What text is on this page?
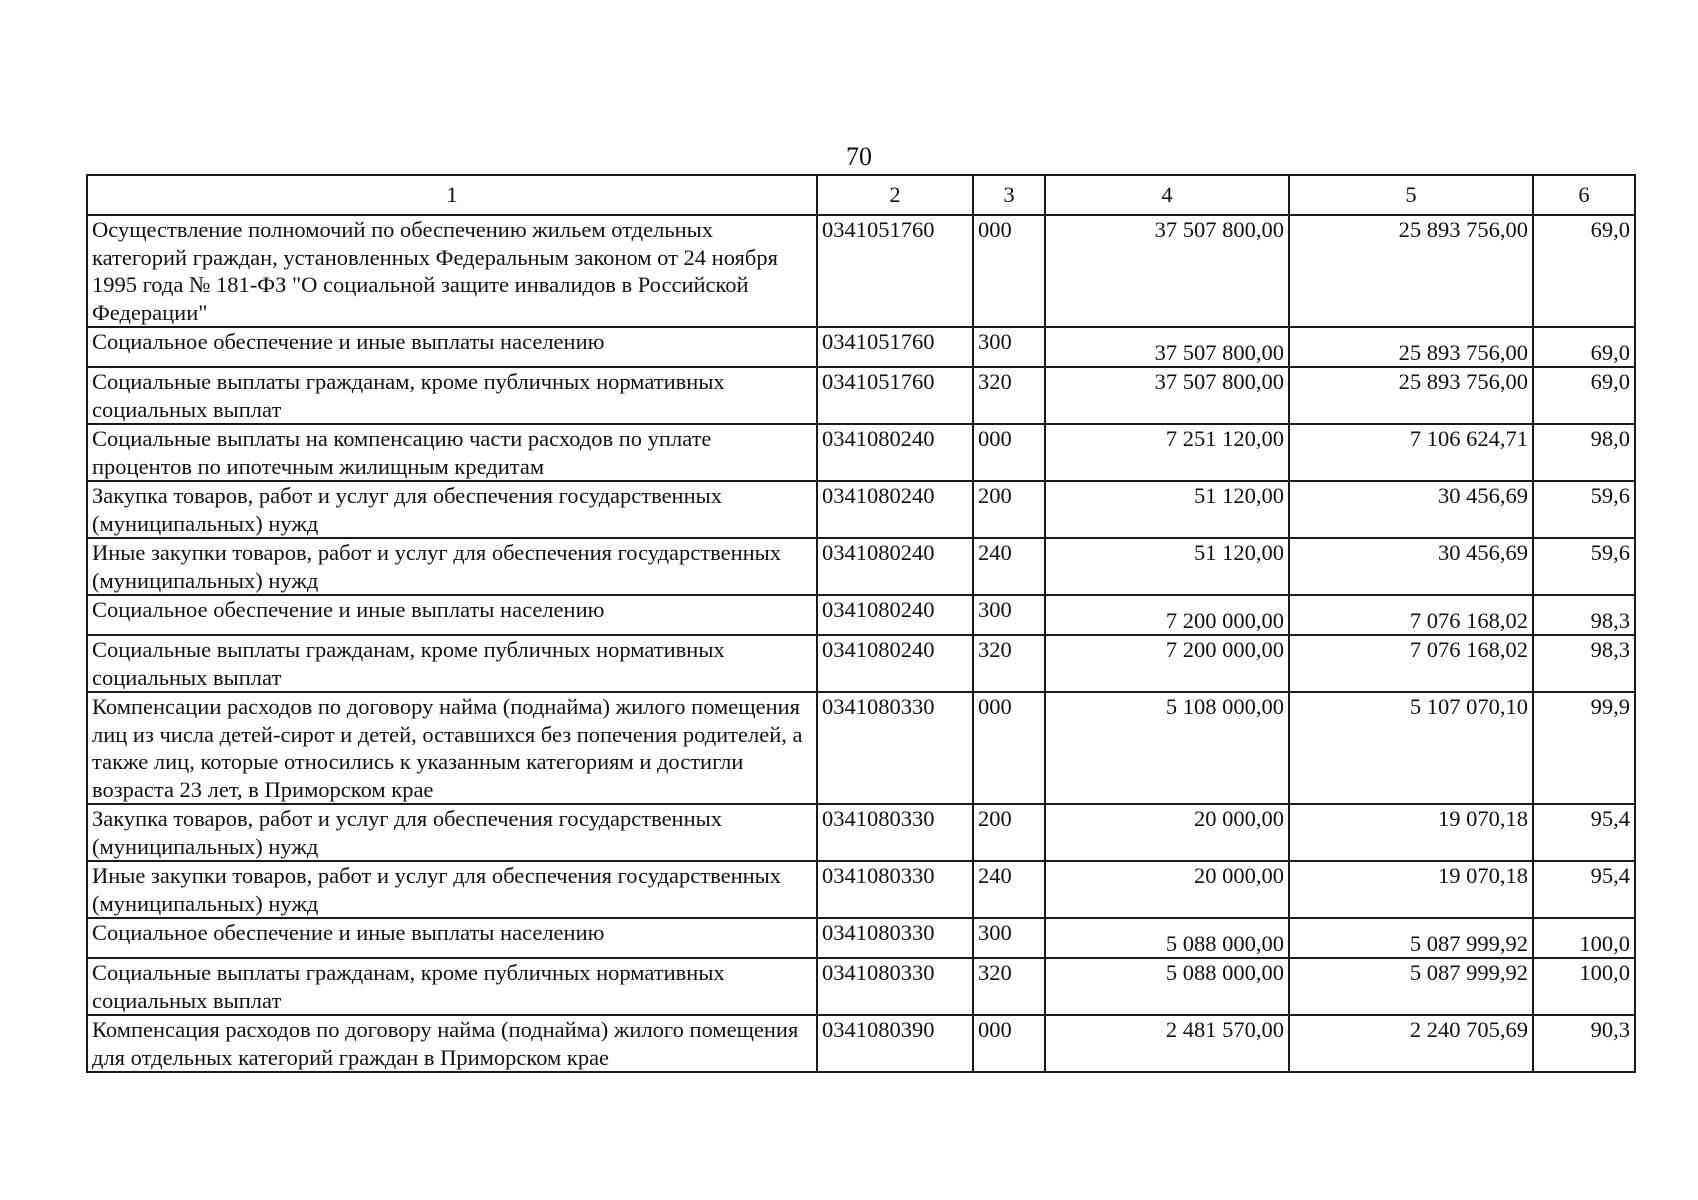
70
1	2	3	4	5	6
Осуществление полномочий по обеспечению жильем отдельных категорий граждан, установленных Федеральным законом от 24 ноября 1995 года № 181-ФЗ "О социальной защите инвалидов в Российской Федерации"	0341051760	000	37 507 800,00	25 893 756,00	69,0
Социальное обеспечение и иные выплаты населению	0341051760	300	37 507 800,00	25 893 756,00	69,0
Социальные выплаты гражданам, кроме публичных нормативных социальных выплат	0341051760	320	37 507 800,00	25 893 756,00	69,0
Социальные выплаты на компенсацию части расходов по уплате процентов по ипотечным жилищным кредитам	0341080240	000	7 251 120,00	7 106 624,71	98,0
Закупка товаров, работ и услуг для обеспечения государственных (муниципальных) нужд	0341080240	200	51 120,00	30 456,69	59,6
Иные закупки товаров, работ и услуг для обеспечения государственных (муниципальных) нужд	0341080240	240	51 120,00	30 456,69	59,6
Социальное обеспечение и иные выплаты населению	0341080240	300	7 200 000,00	7 076 168,02	98,3
Социальные выплаты гражданам, кроме публичных нормативных социальных выплат	0341080240	320	7 200 000,00	7 076 168,02	98,3
Компенсации расходов по договору найма (поднайма) жилого помещения лиц из числа детей-сирот и детей, оставшихся без попечения родителей, а также лиц, которые относились к указанным категориям и достигли возраста 23 лет, в Приморском крае	0341080330	000	5 108 000,00	5 107 070,10	99,9
Закупка товаров, работ и услуг для обеспечения государственных (муниципальных) нужд	0341080330	200	20 000,00	19 070,18	95,4
Иные закупки товаров, работ и услуг для обеспечения государственных (муниципальных) нужд	0341080330	240	20 000,00	19 070,18	95,4
Социальное обеспечение и иные выплаты населению	0341080330	300	5 088 000,00	5 087 999,92	100,0
Социальные выплаты гражданам, кроме публичных нормативных социальных выплат	0341080330	320	5 088 000,00	5 087 999,92	100,0
Компенсация расходов по договору найма (поднайма) жилого помещения для отдельных категорий граждан в Приморском крае	0341080390	000	2 481 570,00	2 240 705,69	90,3
